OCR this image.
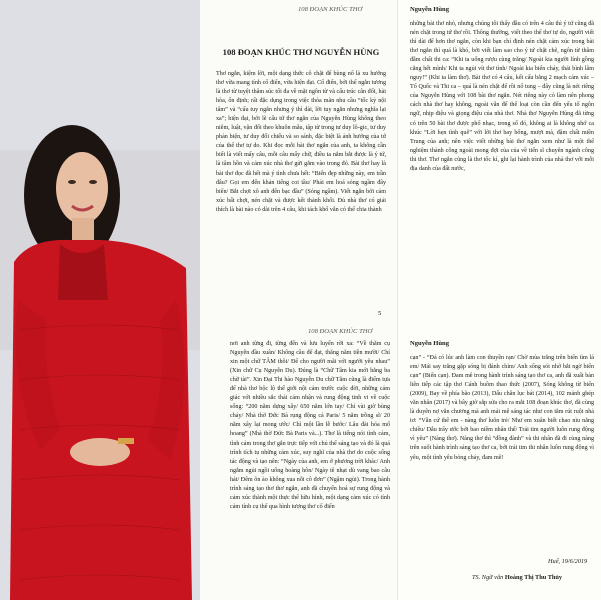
108 ĐOẠN KHÚC THƠ
108 ĐOẠN KHÚC THƠ NGUYỄN HÙNG

Thơ ngắn, kiệm lời, một dạng thức cô chặt để bùng nổ là xu hướng thơ vừa mang tính cổ điển, vừa hiện đại. Cổ điển, bởi thể ngắn tương là thơ từ tuyệt thâm súc tối đa về mặt ngôn từ và cấu trúc cân đối, hài hòa, ổn định; rất đặc dụng trong việc thỏa mãn nhu cầu “tốc kỷ nội tâm” và “cấu tuy ngắn nhưng ý thì dài, lời tuy ngắn nhưng nghĩa lại xa”; hiện đại, bởi lẽ cấu tứ thơ ngắn của Nguyễn Hùng không theo niêm, luật, vận đối theo khuôn mẫu, tập từ trong tư duy lô-gic, tư duy phản biện, tư duy đối chiếu và so sánh, đặc biệt là ảnh hưởng của tứ của thể thơ tự do. Khi đọc mỗi bài thơ ngắn của anh, ta không cần biết là viết mấy câu, mỗi câu mấy chữ, điều ta nắm bắt được là ý tứ, là tâm hồn và cảm xúc nhà thơ gửi gắm vào trong đó. Bài thơ hay là bài thơ đọc đã hết mà ý tình chưa hết: “Biển đẹp những này, em trần đâu? Gọi em đến khản tiếng coi tầu/ Phải em hoá sóng ngầm đây biển/ Bắt chợt xô anh đến bạc đầu” (Sóng ngầm). Viết ngắn bởi cảm xúc bất chợt, nén chặt và được kết thành khối. Đủ nhà thơ có giải thích là bài nào có dài trên 4 câu, khi tách khổ vẫn có thể chia thành

5
108 ĐOẠN KHÚC THƠ

nơi anh từng đi, từng đến và lưu luyến rời xa: “Về thăm cụ Nguyễn đầu xuân/ Không cầu để đạt, thăng năm tiền mười/ Chỉ xin một chữ TÂM thôi/ Để cho người mãi với người yêu nhau” (Xin chữ Cụ Nguyễn Du). Đúng là “Chữ Tâm kia mới bằng ba chữ tài”. Xin Đại Thi hào Nguyễn Du chữ Tâm cũng là điểm tựa để nhà thơ bộc lộ thế giới nội cảm trước cuộc đời, những cảm giác với nhiều sắc thái cảm nhận và rung động tinh vi về cuộc sống: “200 năm dựng xây/ 650 năm lớn tay/ Chỉ vài giờ bùng cháy/ Nhà thờ Đức Bà rụng động cả Paris/ 5 năm trồng sĩ/ 20 năm xây lại mong ước/ Chỉ một lần lễ bước/ Lâu đài hóa mổ hoang” (Nhà thờ Đức Bà Paris và...). Thơ là tiếng nói tình cảm, tình cảm trong thơ gắn trực tiếp với chủ thể sáng tạo và đó là quá trình tích tụ những cảm xúc, suy nghĩ của nhà thơ do cuộc sống tác động và tạo nên: “Ngày của anh, em ở phương trời khác/ Anh ngắm ngủi ngồi uống hoàng hôn/ Ngày tê nhạt dù vang bao câu hát/ Đêm ôn ào không xua nỗi cô đơn” (Ngậm ngùi). Trong hành trình sáng tạo thơ thơ ngắn, anh đã chuyển hoá sự rung động và cảm xúc thành một thực thể hữu hình, một dạng cảm xúc có tính cảm tính cụ thể qua hình tượng thơ cổ điển

Nguyễn Hùng

những bài thơ nhỏ, nhưng chúng tôi thấy đầu có trên 4 câu thì ý tứ cũng đã nén chặt trong tứ thơ rồi. Thông thường, viết theo thể thơ tự do, người viết thì dài để hơn thơ ngắn, còn khi bạn chỉ định nén chặt cảm xúc trong bài thơ ngắn thì quá là khó, bởi viết làm sao cho ý tứ chặt chẽ, ngôn từ thâm đẫm chất thi ca: “Khi ta uống rượu cùng trăng/ Ngoài kia người lính gồng căng hết mình/ Khi ta ngủi vít thơ tình/ Ngoài kia biển cháy, thái bình lâm nguy!” (Khi ta làm thơ). Bài thơ có 4 câu, kết cấu bằng 2 mạch cảm xúc – Tổ Quốc và Thi ca – quá là nén chặt để rồi nổ tung – đây cũng là nét riêng của Nguyễn Hùng với 108 bài thơ ngắn. Nét riêng này có làm nên phong cách nhà thơ hay không, ngoài vẫn để thể loại còn cần đến yếu tố ngôn ngữ, nhịp điệu và giọng điệu của nhà thơ. Nhà thơ Nguyễn Hùng đã từng có trên 50 bài thơ được phổ nhạc, trong số đó, không ai là không nhớ ca khúc “Lời hẹn tình quê” với lời thơ bay bổng, mượt mà, đậm chất miền Trung của anh; nên việc viết những bài thơ ngắn xem như là một thể nghiệm thành công ngoài mong đợi của của về tiến sĩ chuyên ngành công thi thơ. Thơ ngắn cũng là thơ tốc kí, ghi lại hành trình của nhà thơ với mỗi địa danh của đất nước,

Nguyễn Hùng

cạn” - “Đá có lúc anh làm con thuyền rạn/ Chờ mùa trăng trên biển tìm lá em/ Mái say trăng gặp sóng bị đánh chìm/ Anh sống sót nhờ bắt ngờ biển cạn” (Biển cạn). Đam mê trong hành trình sáng tạo thơ ca, anh đã xuất bản liên tiếp các tập thơ Cánh buồm thao thức (2007), Sóng không từ biển (2009), Bay về phía bão (2013), Dấu chân lục bát (2014), 102 mảnh ghép văn nhân (2017) và bây giờ sắp sửa cho ra mắt 108 đoạn khúc thơ, đã cùng là duyên nợ văn chương mà anh mải mê sáng tác như con tằm rút ruột nhả tơ: “Vẫn cứ thế em - nàng thơ luôn trẻ/ Như em xuân biết chao nìu nắng chiều/ Dẫu trẩy ước bởi bao niềm nhân thế/ Trải tim người luôn rung động vì yêu” (Nàng thơ). Nàng thơ thì “đồng đành” và thi nhân đã đi cùng nàng trên suốt hành trình sáng tạo thơ ca, bởi trái tim thi nhân luôn rung động vì yêu, một tình yêu bỏng cháy, đam mê!

Huế, 19/6/2019
TS. Ngữ văn Hoàng Thị Thu Thủy
